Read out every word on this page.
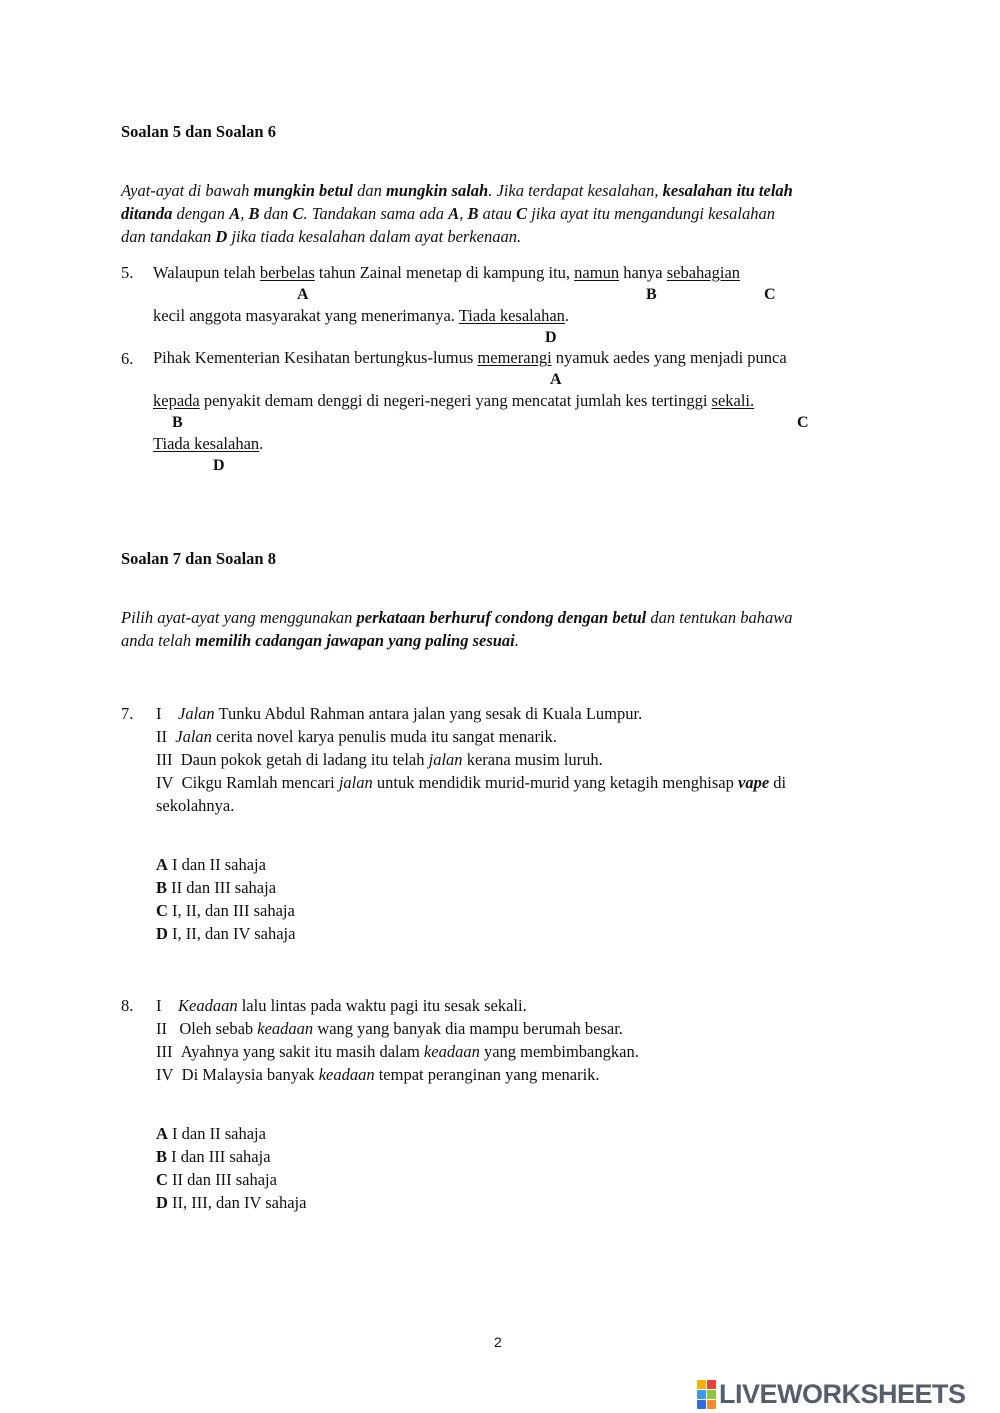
Soalan 5 dan Soalan 6
Ayat-ayat di bawah mungkin betul dan mungkin salah. Jika terdapat kesalahan, kesalahan itu telah
ditanda dengan A, B dan C. Tandakan sama ada A, B atau C jika ayat itu mengandungi kesalahan
dan tandakan D jika tiada kesalahan dalam ayat berkenaan.
5. Walaupun telah berbelas tahun Zainal menetap di kampung itu, namun hanya sebahagian
A	B	C
kecil anggota masyarakat yang menerimanya. Tiada kesalahan.
D
6. Pihak Kementerian Kesihatan bertungkus-lumus memerangi nyamuk aedes yang menjadi punca
A
kepada penyakit demam denggi di negeri-negeri yang mencatat jumlah kes tertinggi sekali.
B	C
Tiada kesalahan.
D
Soalan 7 dan Soalan 8
Pilih ayat-ayat yang menggunakan perkataan berhuruf condong dengan betul dan tentukan bahawa
anda telah memilih cadangan jawapan yang paling sesuai.
7. I Jalan Tunku Abdul Rahman antara jalan yang sesak di Kuala Lumpur.
II Jalan cerita novel karya penulis muda itu sangat menarik.
III Daun pokok getah di ladang itu telah jalan kerana musim luruh.
IV Cikgu Ramlah mencari jalan untuk mendidik murid-murid yang ketagih menghisap vape di
sekolahnya.
A I dan II sahaja
B II dan III sahaja
C I, II, dan III sahaja
D I, II, dan IV sahaja
8. I Keadaan lalu lintas pada waktu pagi itu sesak sekali.
II Oleh sebab keadaan wang yang banyak dia mampu berumah besar.
III Ayahnya yang sakit itu masih dalam keadaan yang membimbangkan.
IV Di Malaysia banyak keadaan tempat peranginan yang menarik.
A I dan II sahaja
B I dan III sahaja
C II dan III sahaja
D II, III, dan IV sahaja
2
LIVEWORKSHEETS
